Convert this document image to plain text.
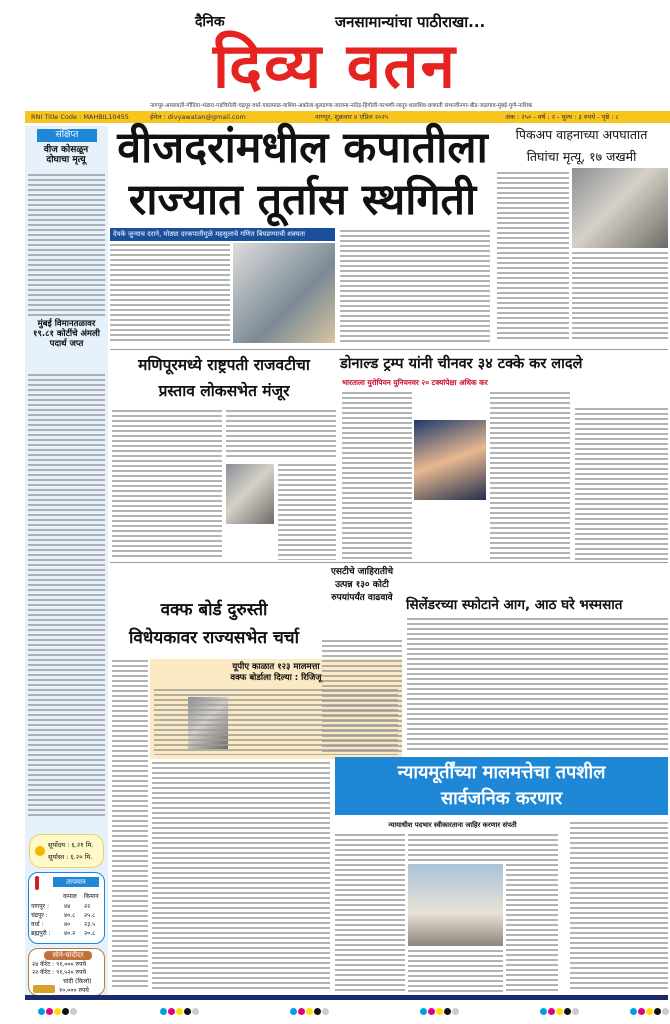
दैनिक	जनसामान्यांचा पाठीराखा...
दिव्य वतन
नागपूर-अमरावती-गोंदिया-भंडारा-गडचिरोली-चंद्रपूर-वर्धा-यवतमाळ-वाशिम-अकोला-बुलढाणा-जालना-नांदेड-हिंगोली-परभणी-लातूर-धाराशिव-छत्रपती संभाजीनगर-बीड-जळगाव-मुंबई-पुणे-नाशिक
RNI Title Code : MAHBIL10455	ईमेल : divyawatan@gmail.com	नागपूर, शुक्रवार ४ एप्रिल २०२५	अंक : २५० - वर्ष : २ - मूल्य : ३ रुपये - पृष्ठे : ८
संक्षिप्त
वीज कोसळून दोघाचा मृत्यू
मुंबई विमानतळावर १९.८१ कोटींचे अंमली पदार्थ जप्त
सूर्योदय : ६.२१ मि.
सूर्यास्त : ६.२० मि.
तापमान
कमाल किमान
नागपूर :	४४	२२
चंद्रपूर :	४०.८	२५.८
वर्धा :	४०	२३.५
ब्रह्मपुरी :	४०.२	२०.८
सोने-चांदीदर
२४ कॅरेट : ९१,००० रुपये
२२ कॅरेट : ९१,५२० रुपये
चांदी (किलो)
१०,००० रुपये
वीजदरांमधील कपातीला
राज्यात तूर्तास स्थगिती
देयके जुन्याच दराने, मोठ्या दरकपातीमुळे महसुलाचे गणित बिघडण्याची शक्यता
पिकअप वाहनाच्या अपघातात
तिघांचा मृत्यू, १७ जखमी
मणिपूरमध्ये राष्ट्रपती राजवटीचा
प्रस्ताव लोकसभेत मंजूर
डोनाल्ड ट्रम्प यांनी चीनवर ३४ टक्के कर लादले
भारताला युरोपियन युनियनवर २० टक्यांपेक्षा अधिक कर
वक्फ बोर्ड दुरुस्ती
विधेयकावर राज्यसभेत चर्चा
यूपीए काळात १२३ मालमत्ता
वक्फ बोर्डाला दिल्या : रिजिजू
एसटीचे जाहिरातीचे उत्पन्न १३० कोटी रुपयांपर्यंत वाढवावे सिलेंडरच्या स्फोटाने आग, आठ घरे भस्मसात
न्यायमूर्तींच्या मालमत्तेचा तपशील
सार्वजनिक करणार
न्यायाधीश पदभार स्वीकारताना जाहिर करणार संपती
